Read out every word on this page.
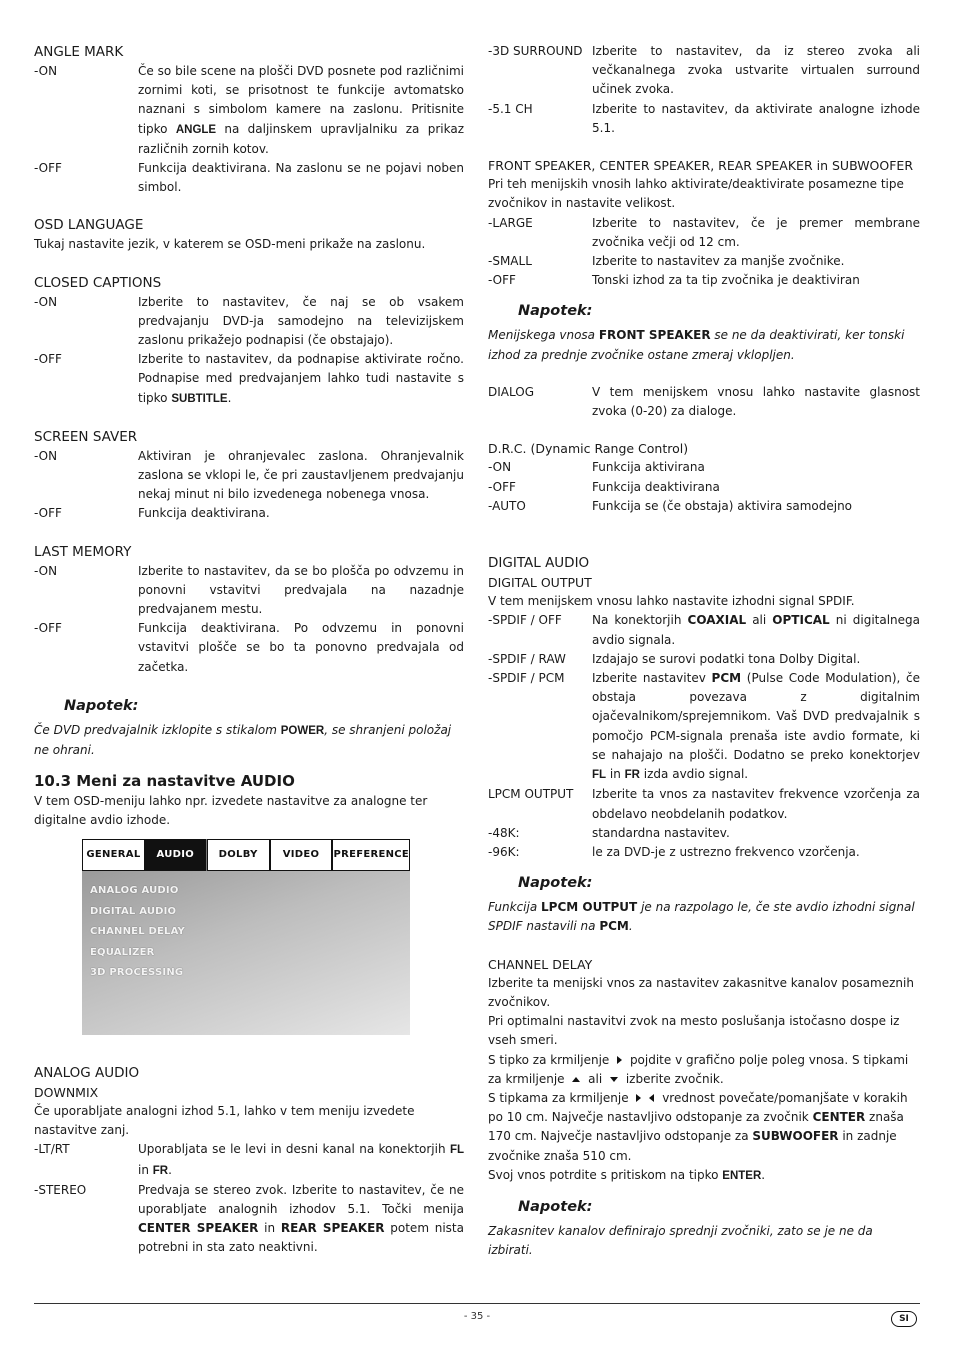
ANGLE MARK

-ON	Če so bile scene na plošči DVD posnete pod različnimi zornimi koti, se prisotnost te funkcije avtomatsko naznani s simbolom kamere na zaslonu. Pritisnite tipko ANGLE na daljinskem upravljalniku za prikaz različnih zornih kotov.
-OFF	Funkcija deaktivirana. Na zaslonu se ne pojavi noben simbol.

OSD LANGUAGE

Tukaj nastavite jezik, v katerem se OSD-meni prikaže na zaslonu.

CLOSED CAPTIONS

-ON	Izberite to nastavitev, če naj se ob vsakem predvajanju DVD-ja samodejno na televizijskem zaslonu prikažejo podnapisi (če obstajajo).
-OFF	Izberite to nastavitev, da podnapise aktivirate ročno. Podnapise med predvajanjem lahko tudi nastavite s tipko SUBTITLE.

SCREEN SAVER

-ON	Aktiviran je ohranjevalec zaslona. Ohranjevalnik zaslona se vklopi le, če pri zaustavljenem predvajanju nekaj minut ni bilo izvedenega nobenega vnosa.
-OFF	Funkcija deaktivirana.

LAST MEMORY

-ON	Izberite to nastavitev, da se bo plošča po odvzemu in ponovni vstavitvi predvajala na nazadnje predvajanem mestu.
-OFF	Funkcija deaktivirana. Po odvzemu in ponovni vstavitvi plošče se bo ta ponovno predvajala od začetka.

Napotek:

Če DVD predvajalnik izklopite s stikalom POWER, se shranjeni položaj ne ohrani.

10.3 Meni za nastavitve AUDIO

V tem OSD-meniju lahko npr. izvedete nastavitve za analogne ter digitalne avdio izhode.

GENERAL	AUDIO	DOLBY	VIDEO	PREFERENCE
ANALOG AUDIO
DIGITAL AUDIO
CHANNEL DELAY
EQUALIZER
3D PROCESSING

ANALOG AUDIO

DOWNMIX

Če uporabljate analogni izhod 5.1, lahko v tem meniju izvedete nastavitve zanj.

-LT/RT	Uporabljata se le levi in desni kanal na konektorjih FL in FR.
-STEREO	Predvaja se stereo zvok. Izberite to nastavitev, če ne uporabljate analognih izhodov 5.1. Točki menija CENTER SPEAKER in REAR SPEAKER potem nista potrebni in sta zato neaktivni.
-3D SURROUND Izberite to nastavitev, da iz stereo zvoka ali večkanalnega zvoka ustvarite virtualen surround učinek zvoka.
-5.1 CH	Izberite to nastavitev, da aktivirate analogne izhode 5.1.

FRONT SPEAKER, CENTER SPEAKER, REAR SPEAKER in SUBWOOFER

Pri teh menijskih vnosih lahko aktivirate/deaktivirate posamezne tipe zvočnikov in nastavite velikost.

-LARGE	Izberite to nastavitev, če je premer membrane zvočnika večji od 12 cm.
-SMALL	Izberite to nastavitev za manjše zvočnike.
-OFF	Tonski izhod za ta tip zvočnika je deaktiviran

Napotek:

Menijskega vnosa FRONT SPEAKER se ne da deaktivirati, ker tonski izhod za prednje zvočnike ostane zmeraj vklopljen.

DIALOG	V tem menijskem vnosu lahko nastavite glasnost zvoka (0-20) za dialoge.

D.R.C. (Dynamic Range Control)

-ON	Funkcija aktivirana
-OFF	Funkcija deaktivirana
-AUTO	Funkcija se (če obstaja) aktivira samodejno

DIGITAL AUDIO

DIGITAL OUTPUT

V tem menijskem vnosu lahko nastavite izhodni signal SPDIF.

-SPDIF / OFF	Na konektorjih COAXIAL ali OPTICAL ni digitalnega avdio signala.
-SPDIF / RAW	Izdajajo se surovi podatki tona Dolby Digital.
-SPDIF / PCM	Izberite nastavitev PCM (Pulse Code Modulation), če obstaja povezava z digitalnim ojačevalnikom/sprejemnikom. Vaš DVD predvajalnik s pomočjo PCM-signala prenaša iste avdio formate, ki se nahajajo na plošči. Dodatno se preko konektorjev FL in FR izda avdio signal.
LPCM OUTPUT	Izberite ta vnos za nastavitev frekvence vzorčenja za obdelavo neobdelanih podatkov.
-48K:	standardna nastavitev.
-96K:	le za DVD-je z ustrezno frekvenco vzorčenja.

Napotek:

Funkcija LPCM OUTPUT je na razpolago le, če ste avdio izhodni signal SPDIF nastavili na PCM.

CHANNEL DELAY

Izberite ta menijski vnos za nastavitev zakasnitve kanalov posameznih zvočnikov.

Pri optimalni nastavitvi zvok na mesto poslušanja istočasno dospe iz vseh smeri.

S tipko za krmiljenje  pojdite v grafično polje poleg vnosa. S tipkami za krmiljenje  ali  izberite zvočnik.

S tipkama za krmiljenje  vrednost povečate/pomanjšate v korakih po 10 cm. Največje nastavljivo odstopanje za zvočnik CENTER znaša 170 cm. Največje nastavljivo odstopanje za SUBWOOFER in zadnje zvočnike znaša 510 cm.

Svoj vnos potrdite s pritiskom na tipko ENTER.

Napotek:

Zakasnitev kanalov definirajo sprednji zvočniki, zato se je ne da izbirati.

- 35 -	SI
